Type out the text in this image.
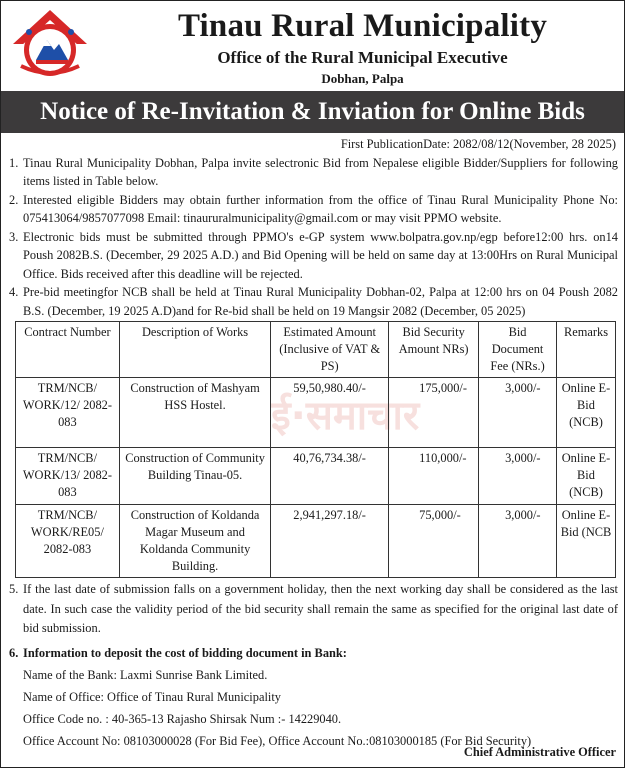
Tinau Rural Municipality
Office of the Rural Municipal Executive
Dobhan, Palpa
Notice of Re-Invitation & Inviation for Online Bids
ई·समाचार
First PublicationDate: 2082/08/12(November, 28 2025)
1. Tinau Rural Municipality Dobhan, Palpa invite selectronic Bid from Nepalese eligible Bidder/Suppliers for following items listed in Table below.
2. Interested eligible Bidders may obtain further information from the office of Tinau Rural Municipality Phone No: 075413064/9857077098 Email: tinaururalmunicipality@gmail.com or may visit PPMO website.
3. Electronic bids must be submitted through PPMO's e-GP system www.bolpatra.gov.np/egp before12:00 hrs. on14 Poush 2082B.S. (December, 29 2025 A.D.) and Bid Opening will be held on same day at 13:00Hrs on Rural Municipal Office. Bids received after this deadline will be rejected.
4. Pre-bid meetingfor NCB shall be held at Tinau Rural Municipality Dobhan-02, Palpa at 12:00 hrs on 04 Poush 2082 B.S. (December, 19 2025 A.D)and for Re-bid shall be held on 19 Mangsir 2082 (December, 05 2025)
Contract Number	Description of Works	Estimated Amount (Inclusive of VAT & PS)	Bid Security Amount NRs)	Bid Document Fee (NRs.)	Remarks
TRM/NCB/ WORK/12/ 2082-083	Construction of Mashyam HSS Hostel.	59,50,980.40/-	175,000/-	3,000/-	Online E-Bid (NCB)
TRM/NCB/ WORK/13/ 2082-083	Construction of Community Building Tinau-05.	40,76,734.38/-	110,000/-	3,000/-	Online E-Bid (NCB)
TRM/NCB/ WORK/RE05/ 2082-083	Construction of Koldanda Magar Museum and Koldanda Community Building.	2,941,297.18/-	75,000/-	3,000/-	Online E-Bid (NCB
5. If the last date of submission falls on a government holiday, then the next working day shall be considered as the last date. In such case the validity period of the bid security shall remain the same as specified for the original last date of bid submission.
6. Information to deposit the cost of bidding document in Bank:
Name of the Bank: Laxmi Sunrise Bank Limited.
Name of Office: Office of Tinau Rural Municipality
Office Code no. : 40-365-13 Rajasho Shirsak Num :- 14229040.
Office Account No: 08103000028 (For Bid Fee), Office Account No.:08103000185 (For Bid Security)
Chief Administrative Officer
